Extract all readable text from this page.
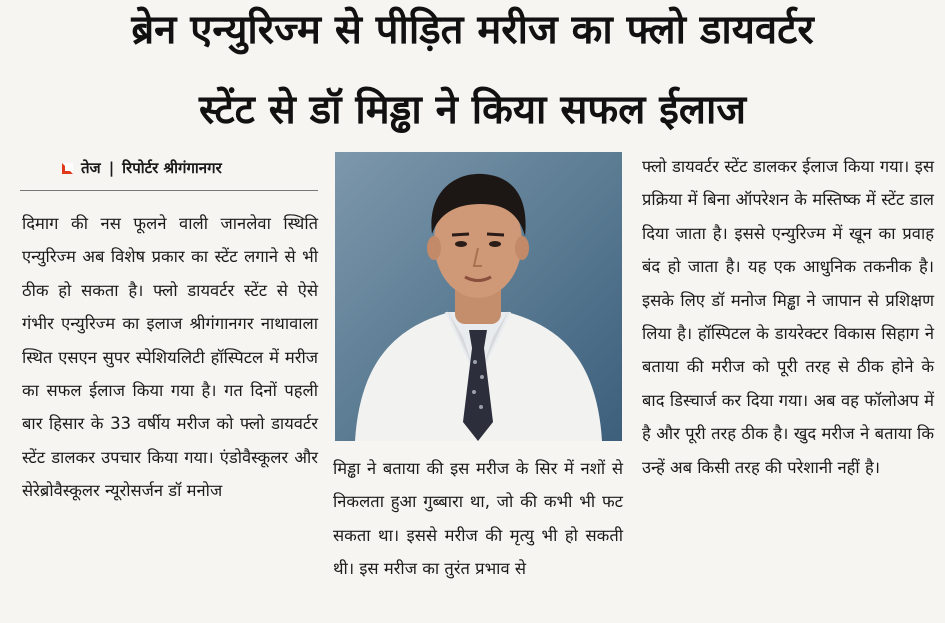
ब्रेन एन्युरिज्म से पीड़ित मरीज का फ्लो डायवर्टर
स्टेंट से डॉ मिड्ढा ने किया सफल ईलाज
तेज | रिपोर्टर श्रीगंगानगर

दिमाग की नस फूलने वाली जानलेवा स्थिति एन्युरिज्म अब विशेष प्रकार का स्टेंट लगाने से भी ठीक हो सकता है। फ्लो डायवर्टर स्टेंट से ऐसे गंभीर एन्युरिज्म का इलाज श्रीगंगानगर नाथावाला स्थित एसएन सुपर स्पेशियलिटी हॉस्पिटल में मरीज का सफल ईलाज किया गया है। गत दिनों पहली बार हिसार के 33 वर्षीय मरीज को फ्लो डायवर्टर स्टेंट डालकर उपचार किया गया। एंडोवैस्कूलर और सेरेब्रोवैस्कूलर न्यूरोसर्जन डॉ मनोज

मिड्ढा ने बताया की इस मरीज के सिर में नशों से निकलता हुआ गुब्बारा था, जो की कभी भी फट सकता था। इससे मरीज की मृत्यु भी हो सकती थी। इस मरीज का तुरंत प्रभाव से

फ्लो डायवर्टर स्टेंट डालकर ईलाज किया गया। इस प्रक्रिया में बिना ऑपरेशन के मस्तिष्क में स्टेंट डाल दिया जाता है। इससे एन्युरिज्म में खून का प्रवाह बंद हो जाता है। यह एक आधुनिक तकनीक है। इसके लिए डॉ मनोज मिड्ढा ने जापान से प्रशिक्षण लिया है। हॉस्पिटल के डायरेक्टर विकास सिहाग ने बताया की मरीज को पूरी तरह से ठीक होने के बाद डिस्चार्ज कर दिया गया। अब वह फॉलोअप में है और पूरी तरह ठीक है। खुद मरीज ने बताया कि उन्हें अब किसी तरह की परेशानी नहीं है।
